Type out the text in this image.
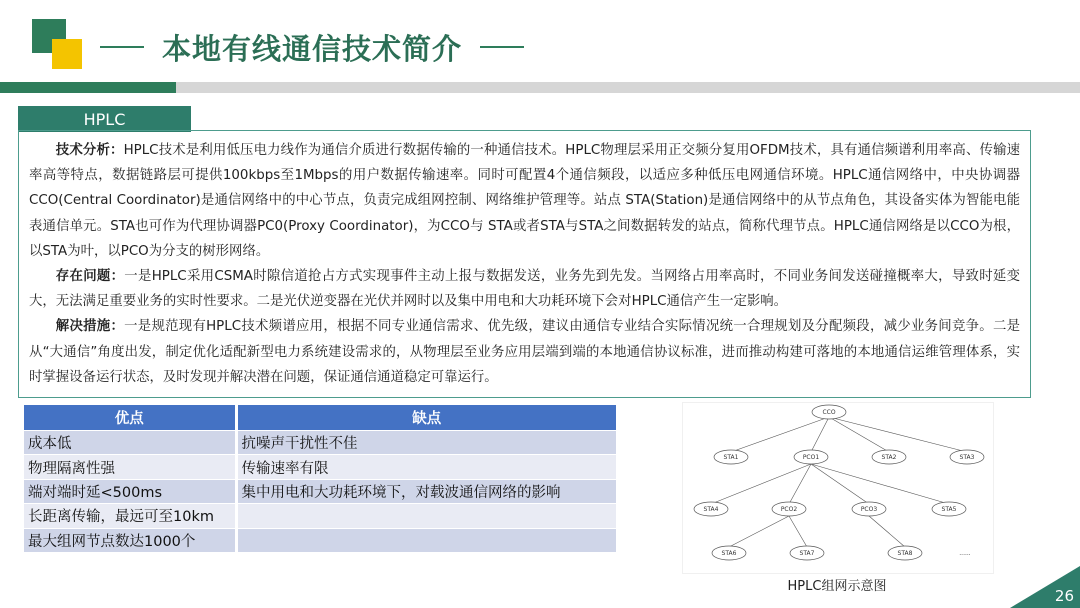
本地有线通信技术简介
HPLC

技术分析：HPLC技术是利用低压电力线作为通信介质进行数据传输的一种通信技术。HPLC物理层采用正交频分复用OFDM技术，具有通信频谱利用率高、传输速率高等特点，数据链路层可提供100kbps至1Mbps的用户数据传输速率。同时可配置4个通信频段，以适应多种低压电网通信环境。HPLC通信网络中，中央协调器CCO(Central Coordinator)是通信网络中的中心节点，负责完成组网控制、网络维护管理等。站点 STA(Station)是通信网络中的从节点角色，其设备实体为智能电能表通信单元。STA也可作为代理协调器PC0(Proxy Coordinator)，为CCO与 STA或者STA与STA之间数据转发的站点，简称代理节点。HPLC通信网络是以CCO为根，以STA为叶，以PCO为分支的树形网络。

存在问题：一是HPLC采用CSMA时隙信道抢占方式实现事件主动上报与数据发送，业务先到先发。当网络占用率高时，不同业务间发送碰撞概率大，导致时延变大，无法满足重要业务的实时性要求。二是光伏逆变器在光伏并网时以及集中用电和大功耗环境下会对HPLC通信产生一定影响。

解决措施：一是规范现有HPLC技术频谱应用，根据不同专业通信需求、优先级，建议由通信专业结合实际情况统一合理规划及分配频段，减少业务间竞争。二是从“大通信”角度出发，制定优化适配新型电力系统建设需求的，从物理层至业务应用层端到端的本地通信协议标准，进而推动构建可落地的本地通信运维管理体系，实时掌握设备运行状态，及时发现并解决潜在问题，保证通信通道稳定可靠运行。

优点	缺点
成本低	抗噪声干扰性不佳
物理隔离性强	传输速率有限
端对端时延<500ms	集中用电和大功耗环境下，对载波通信网络的影响
长距离传输，最远可至10km	
最大组网节点数达1000个	
CCO
STA1	PCO1	STA2	STA3
STA4	PCO2	PCO3	STA5
STA6	STA7	STA8	......
HPLC组网示意图
26
